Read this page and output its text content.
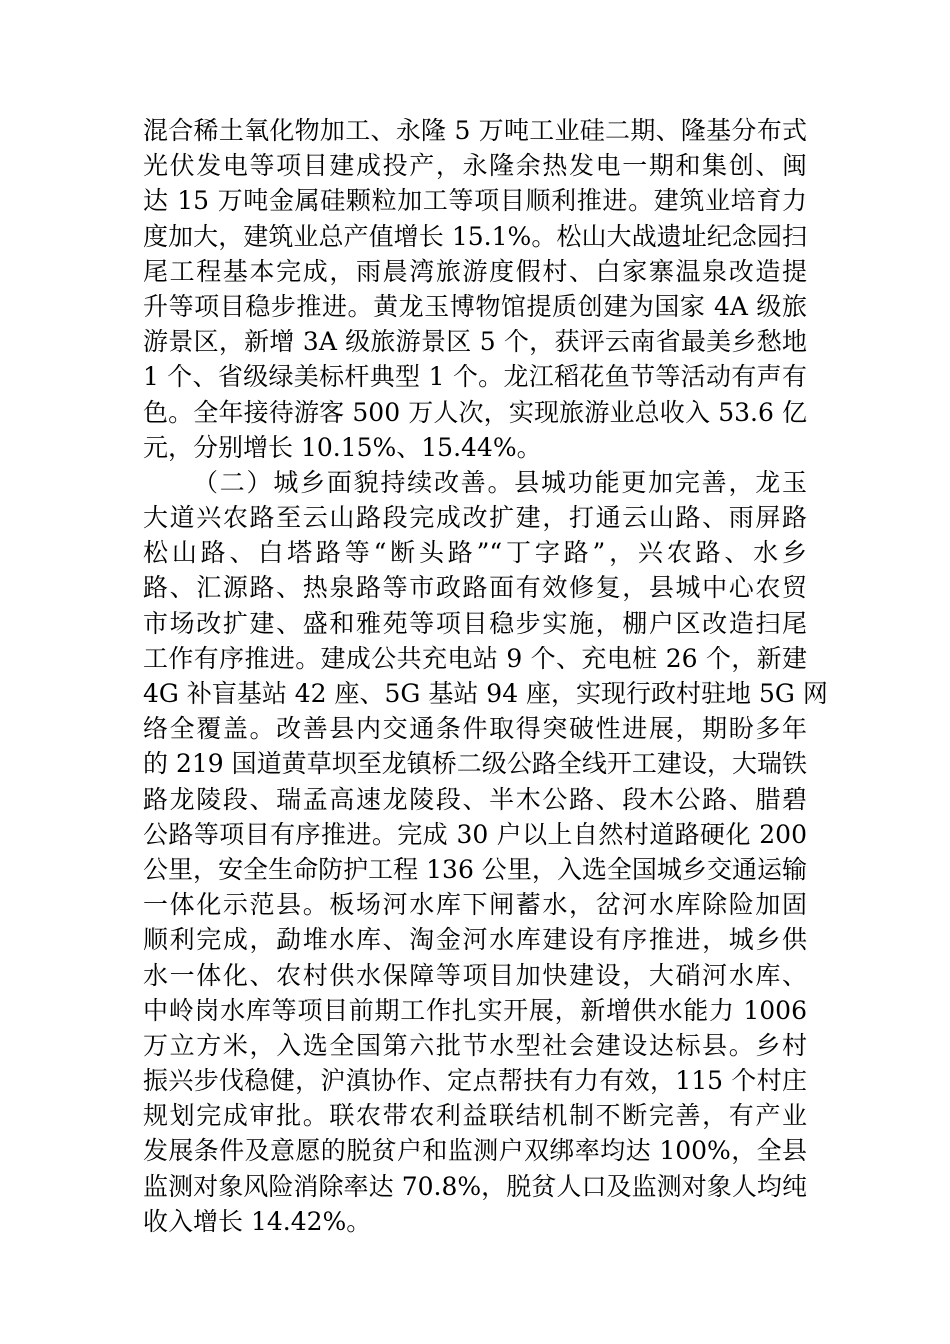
混合稀土氧化物加工、永隆 5 万吨工业硅二期、隆基分布式
光伏发电等项目建成投产，永隆余热发电一期和集创、闽
达 15 万吨金属硅颗粒加工等项目顺利推进。建筑业培育力
度加大，建筑业总产值增长 15.1%。松山大战遗址纪念园扫
尾工程基本完成，雨晨湾旅游度假村、白家寨温泉改造提
升等项目稳步推进。黄龙玉博物馆提质创建为国家 4A 级旅
游景区，新增 3A 级旅游景区 5 个，获评云南省最美乡愁地
1 个、省级绿美标杆典型 1 个。龙江稻花鱼节等活动有声有
色。全年接待游客 500 万人次，实现旅游业总收入 53.6 亿
元，分别增长 10.15%、15.44%。
（二）城乡面貌持续改善。县城功能更加完善，龙玉
大道兴农路至云山路段完成改扩建，打通云山路、雨屏路
松山路、白塔路等“断头路”“丁字路”，兴农路、水乡
路、汇源路、热泉路等市政路面有效修复，县城中心农贸
市场改扩建、盛和雅苑等项目稳步实施，棚户区改造扫尾
工作有序推进。建成公共充电站 9 个、充电桩 26 个，新建
4G 补盲基站 42 座、5G 基站 94 座，实现行政村驻地 5G 网
络全覆盖。改善县内交通条件取得突破性进展，期盼多年
的 219 国道黄草坝至龙镇桥二级公路全线开工建设，大瑞铁
路龙陵段、瑞孟高速龙陵段、半木公路、段木公路、腊碧
公路等项目有序推进。完成 30 户以上自然村道路硬化 200
公里，安全生命防护工程 136 公里，入选全国城乡交通运输
一体化示范县。板场河水库下闸蓄水，岔河水库除险加固
顺利完成，勐堆水库、淘金河水库建设有序推进，城乡供
水一体化、农村供水保障等项目加快建设，大硝河水库、
中岭岗水库等项目前期工作扎实开展，新增供水能力 1006
万立方米，入选全国第六批节水型社会建设达标县。乡村
振兴步伐稳健，沪滇协作、定点帮扶有力有效，115 个村庄
规划完成审批。联农带农利益联结机制不断完善，有产业
发展条件及意愿的脱贫户和监测户双绑率均达 100%，全县
监测对象风险消除率达 70.8%，脱贫人口及监测对象人均纯
收入增长 14.42%。
